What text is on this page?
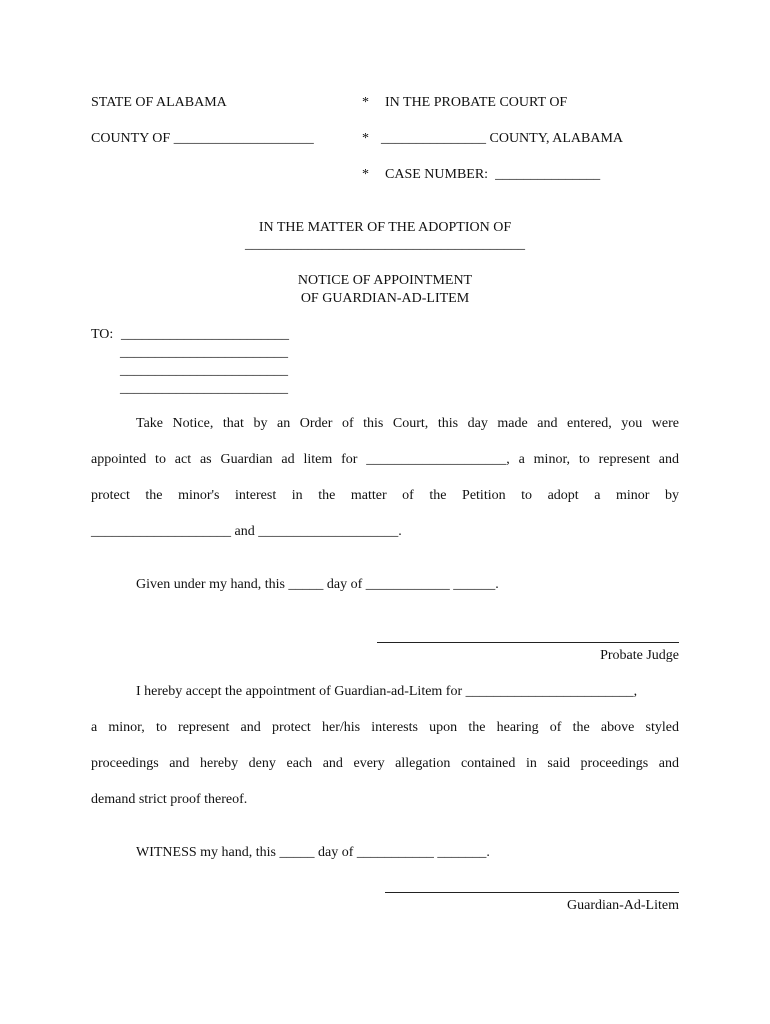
STATE OF ALABAMA	* IN THE PROBATE COURT OF
COUNTY OF ____________________	* _______________ COUNTY, ALABAMA
* CASE NUMBER:  _______________
IN THE MATTER OF THE ADOPTION OF
________________________________________
NOTICE OF APPOINTMENT
OF GUARDIAN-AD-LITEM
TO: ________________________
________________________
________________________
________________________
Take Notice, that by an Order of this Court, this day made and entered, you were
appointed to act as Guardian ad litem for ____________________, a minor, to represent and
protect the minor's interest in the matter of the Petition to adopt a minor by
____________________ and ____________________.
Given under my hand, this _____ day of ____________ ______.
Probate Judge
I hereby accept the appointment of Guardian-ad-Litem for ________________________,
a minor, to represent and protect her/his interests upon the hearing of the above styled
proceedings and hereby deny each and every allegation contained in said proceedings and
demand strict proof thereof.
WITNESS my hand, this _____ day of ___________ _______.
Guardian-Ad-Litem
